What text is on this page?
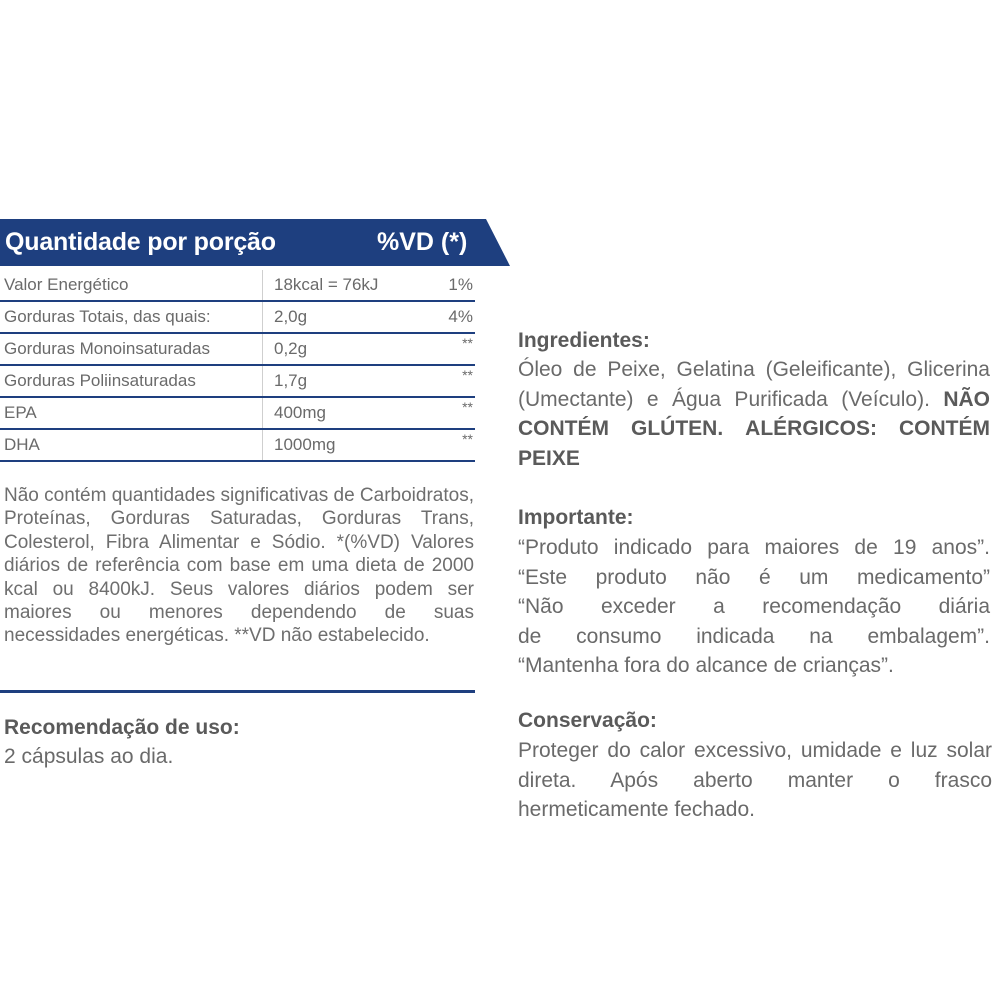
Quantidade por porção	%VD (*)
Valor Energético	18kcal = 76kJ	1%
Gorduras Totais, das quais:	2,0g	4%
Gorduras Monoinsaturadas	0,2g	**
Gorduras Poliinsaturadas	1,7g	**
EPA	400mg	**
DHA	1000mg	**
Não contém quantidades significativas de Carboidratos, Proteínas, Gorduras Saturadas, Gorduras Trans, Colesterol, Fibra Alimentar e Sódio. *(%VD) Valores diários de referência com base em uma dieta de 2000 kcal ou 8400kJ. Seus valores diários podem ser maiores ou menores dependendo de suas necessidades energéticas. **VD não estabelecido.
Recomendação de uso:
2 cápsulas ao dia.
Ingredientes:
Óleo de Peixe, Gelatina (Geleificante), Glicerina (Umectante) e Água Purificada (Veículo). NÃO CONTÉM GLÚTEN. ALÉRGICOS: CONTÉM PEIXE
Importante:
“Produto indicado para maiores de 19 anos”.
“Este produto não é um medicamento”
“Não exceder a recomendação diária
de consumo indicada na embalagem”.
“Mantenha fora do alcance de crianças”.
Conservação:
Proteger do calor excessivo, umidade e luz solar direta. Após aberto manter o frasco hermeticamente fechado.
